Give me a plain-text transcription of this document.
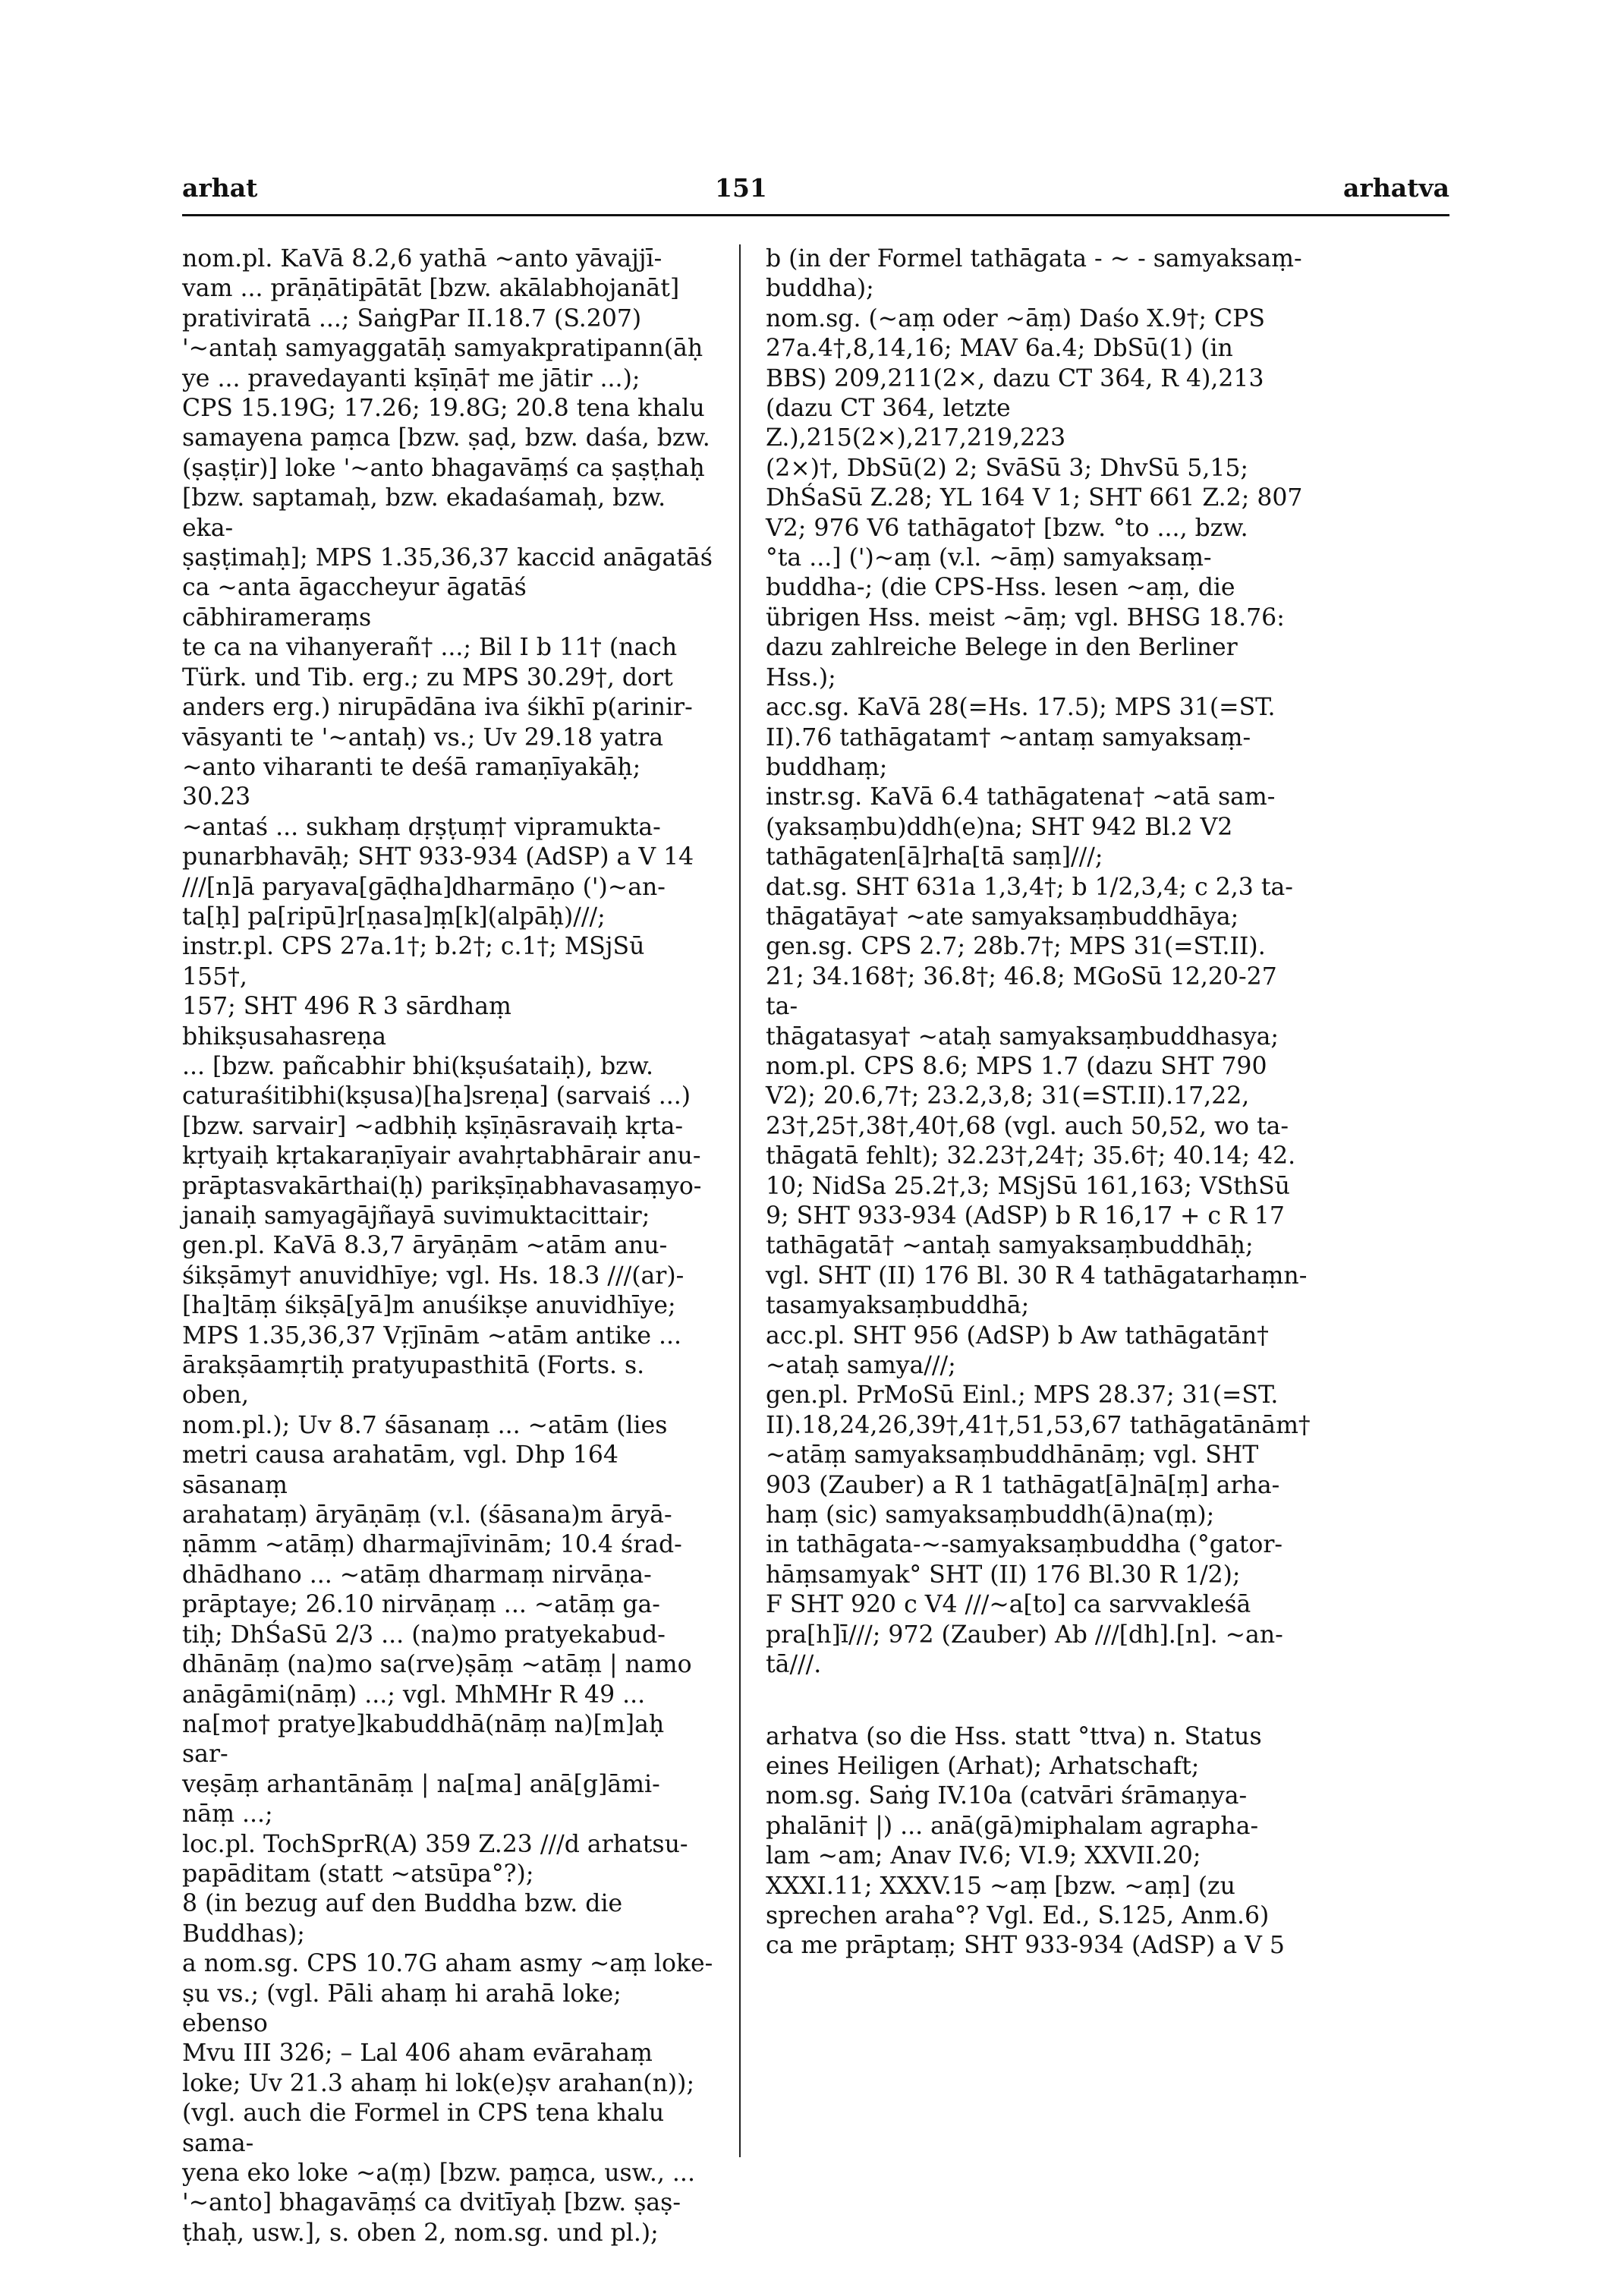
arhat	151	arhatva

nom.pl. KaVā 8.2,6 yathā ~anto yāvajjī-

vam ... prāṇātipātāt [bzw. akālabhojanāt]

prativiratā ...; SaṅgPar II.18.7 (S.207)

'~antaḥ samyaggatāḥ samyakpratipann(āḥ

ye ... pravedayanti kṣīṇā† me jātir ...);

CPS 15.19G; 17.26; 19.8G; 20.8 tena khalu

samayena paṃca [bzw. ṣaḍ, bzw. daśa, bzw.

(ṣaṣṭir)] loke '~anto bhagavāṃś ca ṣaṣṭhaḥ

[bzw. saptamaḥ, bzw. ekadaśamaḥ, bzw. eka-

ṣaṣṭimaḥ]; MPS 1.35,36,37 kaccid anāgatāś

ca ~anta āgaccheyur āgatāś cābhirameraṃs

te ca na vihanyerañ† ...; Bil I b 11† (nach

Türk. und Tib. erg.; zu MPS 30.29†, dort

anders erg.) nirupādāna iva śikhī p(arinir-

vāsyanti te '~antaḥ) vs.; Uv 29.18 yatra

~anto viharanti te deśā ramaṇīyakāḥ; 30.23

~antaś ... sukhaṃ dṛṣṭuṃ† vipramukta-

punarbhavāḥ; SHT 933-934 (AdSP) a V 14

///[n]ā paryava[gāḍha]dharmāṇo (')~an-

ta[ḥ] pa[ripū]r[ṇasa]ṃ[k](alpāḥ)///;

instr.pl. CPS 27a.1†; b.2†; c.1†; MSjSū 155†,

157; SHT 496 R 3 sārdhaṃ bhikṣusahasreṇa

... [bzw. pañcabhir bhi(kṣuśataiḥ), bzw.

caturaśitibhi(kṣusa)[ha]sreṇa] (sarvaiś ...)

[bzw. sarvair] ~adbhiḥ kṣīṇāsravaiḥ kṛta-

kṛtyaiḥ kṛtakaraṇīyair avahṛtabhārair anu-

prāptasvakārthai(ḥ) parikṣīṇabhavasaṃyo-

janaiḥ samyagājñayā suvimuktacittair;

gen.pl. KaVā 8.3,7 āryāṇām ~atām anu-

śikṣāmy† anuvidhīye; vgl. Hs. 18.3 ///(ar)-

[ha]tāṃ śikṣā[yā]m anuśikṣe anuvidhīye;

MPS 1.35,36,37 Vṛjīnām ~atām antike ...

ārakṣāamṛtiḥ pratyupasthitā (Forts. s. oben,

nom.pl.); Uv 8.7 śāsanaṃ ... ~atām (lies

metri causa arahatām, vgl. Dhp 164 sāsanaṃ

arahataṃ) āryāṇāṃ (v.l. (śāsana)m āryā-

ṇāmm ~atāṃ) dharmajīvinām; 10.4 śrad-

dhādhano ... ~atāṃ dharmaṃ nirvāṇa-

prāptaye; 26.10 nirvāṇaṃ ... ~atāṃ ga-

tiḥ; DhŚaSū 2/3 ... (na)mo pratyekabud-

dhānāṃ (na)mo sa(rve)ṣāṃ ~atāṃ | namo

anāgāmi(nāṃ) ...; vgl. MhMHr R 49 ...

na[mo† pratye]kabuddhā(nāṃ na)[m]aḥ sar-

veṣāṃ arhantānāṃ | na[ma] anā[g]āmi-

nāṃ ...;

loc.pl. TochSprR(A) 359 Z.23 ///d arhatsu-

papāditam (statt ~atsūpa°?);

8 (in bezug auf den Buddha bzw. die Buddhas);

a nom.sg. CPS 10.7G aham asmy ~aṃ loke-

ṣu vs.; (vgl. Pāli ahaṃ hi arahā loke; ebenso

Mvu III 326; – Lal 406 aham evārahaṃ

loke; Uv 21.3 ahaṃ hi lok(e)ṣv arahan(n));

(vgl. auch die Formel in CPS tena khalu sama-

yena eko loke ~a(ṃ) [bzw. paṃca, usw., ...

'~anto] bhagavāṃś ca dvitīyaḥ [bzw. ṣaṣ-

ṭhaḥ, usw.], s. oben 2, nom.sg. und pl.);

b (in der Formel tathāgata - ~ - samyaksaṃ-

buddha);

nom.sg. (~aṃ oder ~āṃ) Daśo X.9†; CPS

27a.4†,8,14,16; MAV 6a.4; DbSū(1) (in

BBS) 209,211(2×, dazu CT 364, R 4),213

(dazu CT 364, letzte Z.),215(2×),217,219,223

(2×)†, DbSū(2) 2; SvāSū 3; DhvSū 5,15;

DhŚaSū Z.28; YL 164 V 1; SHT 661 Z.2; 807

V2; 976 V6 tathāgato† [bzw. °to ..., bzw.

°ta ...] (')~aṃ (v.l. ~āṃ) samyaksaṃ-

buddha-; (die CPS-Hss. lesen ~aṃ, die

übrigen Hss. meist ~āṃ; vgl. BHSG 18.76:

dazu zahlreiche Belege in den Berliner Hss.);

acc.sg. KaVā 28(=Hs. 17.5); MPS 31(=ST.

II).76 tathāgatam† ~antaṃ samyaksaṃ-

buddhaṃ;

instr.sg. KaVā 6.4 tathāgatena† ~atā sam-

(yaksaṃbu)ddh(e)na; SHT 942 Bl.2 V2

tathāgaten[ā]rha[tā saṃ]///;

dat.sg. SHT 631a 1,3,4†; b 1/2,3,4; c 2,3 ta-

thāgatāya† ~ate samyaksaṃbuddhāya;

gen.sg. CPS 2.7; 28b.7†; MPS 31(=ST.II).

21; 34.168†; 36.8†; 46.8; MGoSū 12,20-27 ta-

thāgatasya† ~ataḥ samyaksaṃbuddhasya;

nom.pl. CPS 8.6; MPS 1.7 (dazu SHT 790

V2); 20.6,7†; 23.2,3,8; 31(=ST.II).17,22,

23†,25†,38†,40†,68 (vgl. auch 50,52, wo ta-

thāgatā fehlt); 32.23†,24†; 35.6†; 40.14; 42.

10; NidSa 25.2†,3; MSjSū 161,163; VSthSū

9; SHT 933-934 (AdSP) b R 16,17 + c R 17

tathāgatā† ~antaḥ samyaksaṃbuddhāḥ;

vgl. SHT (II) 176 Bl. 30 R 4 tathāgatarhaṃn-

tasamyaksaṃbuddhā;

acc.pl. SHT 956 (AdSP) b Aw tathāgatān†

~ataḥ samya///;

gen.pl. PrMoSū Einl.; MPS 28.37; 31(=ST.

II).18,24,26,39†,41†,51,53,67 tathāgatānām†

~atāṃ samyaksaṃbuddhānāṃ; vgl. SHT

903 (Zauber) a R 1 tathāgat[ā]nā[ṃ] arha-

haṃ (sic) samyaksaṃbuddh(ā)na(ṃ);

in tathāgata-~-samyaksaṃbuddha (°gator-

hāṃsamyak° SHT (II) 176 Bl.30 R 1/2);

F SHT 920 c V4 ///~a[to] ca sarvvakleśā

pra[h]ī///; 972 (Zauber) Ab ///[dh].[n]. ~an-

tā///.

arhatva (so die Hss. statt °ttva) n. Status

eines Heiligen (Arhat); Arhatschaft;

nom.sg. Saṅg IV.10a (catvāri śrāmaṇya-

phalāni† |) ... anā(gā)miphalam agrapha-

lam ~am; Anav IV.6; VI.9; XXVII.20;

XXXI.11; XXXV.15 ~aṃ [bzw. ~aṃ] (zu

sprechen araha°? Vgl. Ed., S.125, Anm.6)

ca me prāptaṃ; SHT 933-934 (AdSP) a V 5
